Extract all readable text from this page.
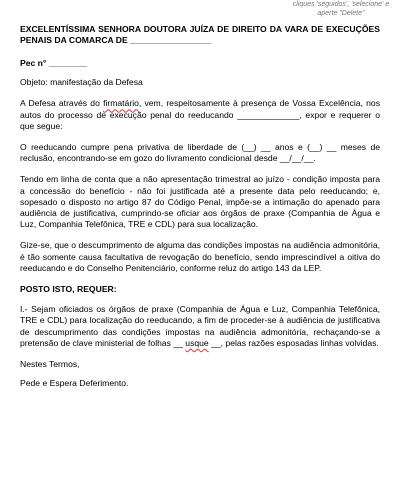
cliques 'seguidos', 'selecione' e
aperte "Delete"
EXCELENTÍSSIMA SENHORA DOUTORA JUÍZA DE DIREITO DA VARA DE EXECUÇÕES PENAIS DA COMARCA DE _________________
Pec n° ________
Objeto: manifestação da Defesa
A Defesa através do firmatário, vem, respeitosamente à presença de Vossa Excelência, nos autos do processo de execução penal do reeducando _____________, expor e requerer o que segue:
O reeducando cumpre pena privativa de liberdade de (__) __ anos e (__) __ meses de reclusão, encontrando-se em gozo do livramento condicional desde __/__/__.
Tendo em linha de conta que a não apresentação trimestral ao juízo - condição imposta para a concessão do benefício - não foi justificada até a presente data pelo reeducando; e, sopesado o disposto no artigo 87 do Código Penal, impõe-se a intimação do apenado para audiência de justificativa, cumprindo-se oficiar aos órgãos de praxe (Companhia de Água e Luz, Companhia Telefônica, TRE e CDL) para sua localização.
Gize-se, que o descumprimento de alguma das condições impostas na audiência admonitória, é tão somente causa facultativa de revogação do benefício, sendo imprescindível a oitiva do reeducando e do Conselho Penitenciário, conforme reluz do artigo 143 da LEP.
POSTO ISTO, REQUER:
I.- Sejam oficiados os órgãos de praxe (Companhia de Água e Luz, Companhia Telefônica, TRE e CDL) para localização do reeducando, a fim de proceder-se à audiência de justificativa de descumprimento das condições impostas na audiência admonitória, rechaçando-se a pretensão de clave ministerial de folhas __ usque __, pelas razões esposadas linhas volvidas.
Nestes Termos,
Pede e Espera Deferimento.
